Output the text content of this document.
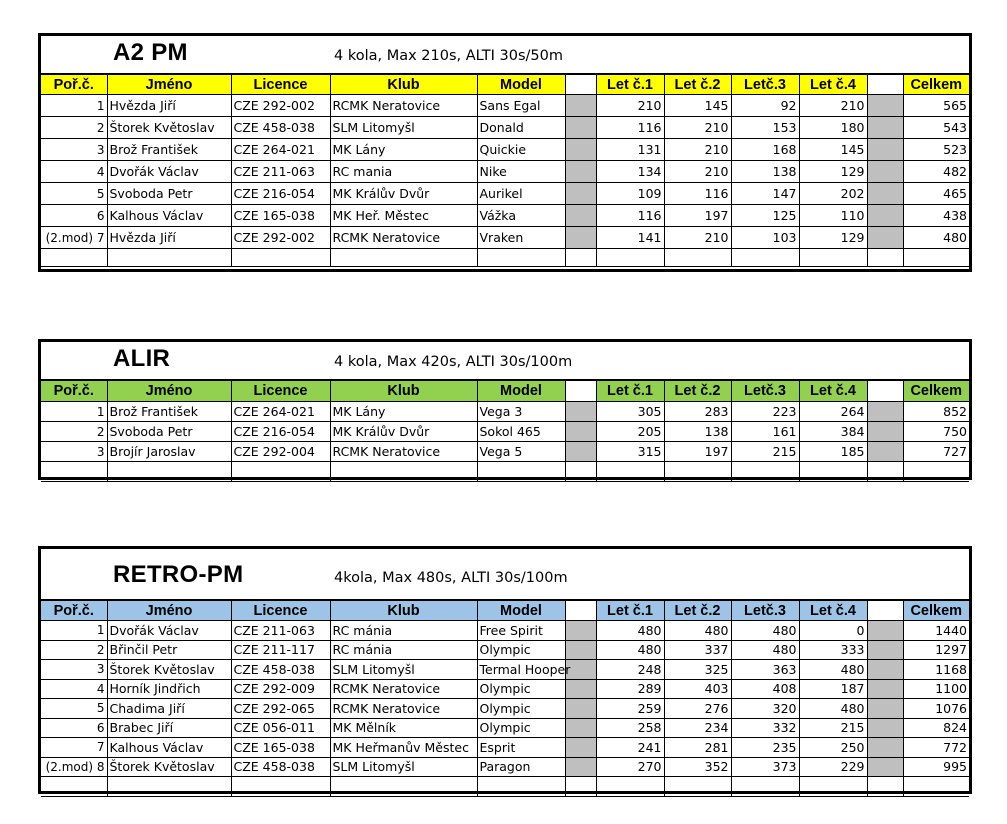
A2 PM	4 kola, Max 210s, ALTI 30s/50m
Poř.č.	Jméno	Licence	Klub	Model		Let č.1	Let č.2	Letč.3	Let č.4		Celkem
1	Hvězda Jiří	CZE 292-002	RCMK Neratovice	Sans Egal		210	145	92	210		565
2	Štorek Květoslav	CZE 458-038	SLM Litomyšl	Donald		116	210	153	180		543
3	Brož František	CZE 264-021	MK Lány	Quickie		131	210	168	145		523
4	Dvořák Václav	CZE 211-063	RC mania	Nike		134	210	138	129		482
5	Svoboda Petr	CZE 216-054	MK Králův Dvůr	Aurikel		109	116	147	202		465
6	Kalhous Václav	CZE 165-038	MK Heř. Městec	Vážka		116	197	125	110		438
(2.mod) 7	Hvězda Jiří	CZE 292-002	RCMK Neratovice	Vraken		141	210	103	129		480

ALIR	4 kola, Max 420s, ALTI 30s/100m
Poř.č.	Jméno	Licence	Klub	Model		Let č.1	Let č.2	Letč.3	Let č.4		Celkem
1	Brož František	CZE 264-021	MK Lány	Vega 3		305	283	223	264		852
2	Svoboda Petr	CZE 216-054	MK Králův Dvůr	Sokol 465		205	138	161	384		750
3	Brojír Jaroslav	CZE 292-004	RCMK Neratovice	Vega 5		315	197	215	185		727

RETRO-PM	4kola, Max 480s, ALTI 30s/100m
Poř.č.	Jméno	Licence	Klub	Model		Let č.1	Let č.2	Letč.3	Let č.4		Celkem
1	Dvořák Václav	CZE 211-063	RC mánia	Free Spirit		480	480	480	0		1440
2	Břinčil Petr	CZE 211-117	RC mánia	Olympic		480	337	480	333		1297
3	Štorek Květoslav	CZE 458-038	SLM Litomyšl	Termal Hooper		248	325	363	480		1168
4	Horník Jindřich	CZE 292-009	RCMK Neratovice	Olympic		289	403	408	187		1100
5	Chadima Jiří	CZE 292-065	RCMK Neratovice	Olympic		259	276	320	480		1076
6	Brabec Jiří	CZE 056-011	MK Mělník	Olympic		258	234	332	215		824
7	Kalhous Václav	CZE 165-038	MK Heřmanův Městec	Esprit		241	281	235	250		772
(2.mod) 8	Štorek Květoslav	CZE 458-038	SLM Litomyšl	Paragon		270	352	373	229		995
